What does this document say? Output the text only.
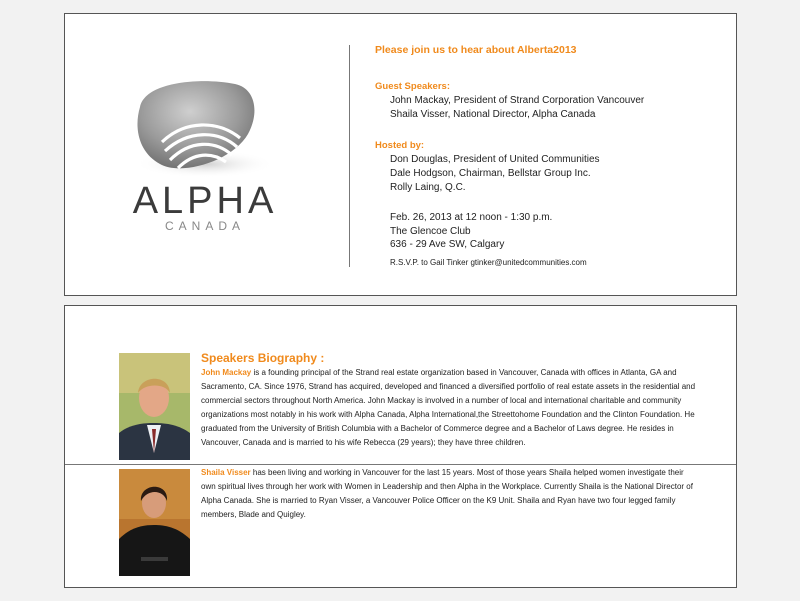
ALPHA
CANADA
Please join us to hear about Alberta2013
Guest Speakers:
John Mackay, President of Strand Corporation Vancouver
Shaila Visser, National Director, Alpha Canada
Hosted by:
Don Douglas, President of United Communities
Dale Hodgson, Chairman, Bellstar Group Inc.
Rolly Laing, Q.C.
Feb. 26, 2013 at 12 noon - 1:30 p.m.
The Glencoe Club
636 - 29 Ave SW, Calgary
R.S.V.P. to Gail Tinker gtinker@unitedcommunities.com
Speakers Biography :
John Mackay is a founding principal of the Strand real estate organization based in Vancouver, Canada with offices in Atlanta, GA and Sacramento, CA. Since 1976, Strand has acquired, developed and financed a diversified portfolio of real estate assets in the residential and commercial sectors throughout North America. John Mackay is involved in a number of local and international charitable and community organizations most notably in his work with Alpha Canada, Alpha International,the Streettohome Foundation and the Clinton Foundation. He graduated from the University of British Columbia with a Bachelor of Commerce degree and a Bachelor of Laws degree. He resides in Vancouver, Canada and is married to his wife Rebecca (29 years); they have three children.
Shaila Visser has been living and working in Vancouver for the last 15 years. Most of those years Shaila helped women investigate their own spiritual lives through her work with Women in Leadership and then Alpha in the Workplace. Currently Shaila is the National Director of Alpha Canada. She is married to Ryan Visser, a Vancouver Police Officer on the K9 Unit. Shaila and Ryan have two four legged family members, Blade and Quigley.
